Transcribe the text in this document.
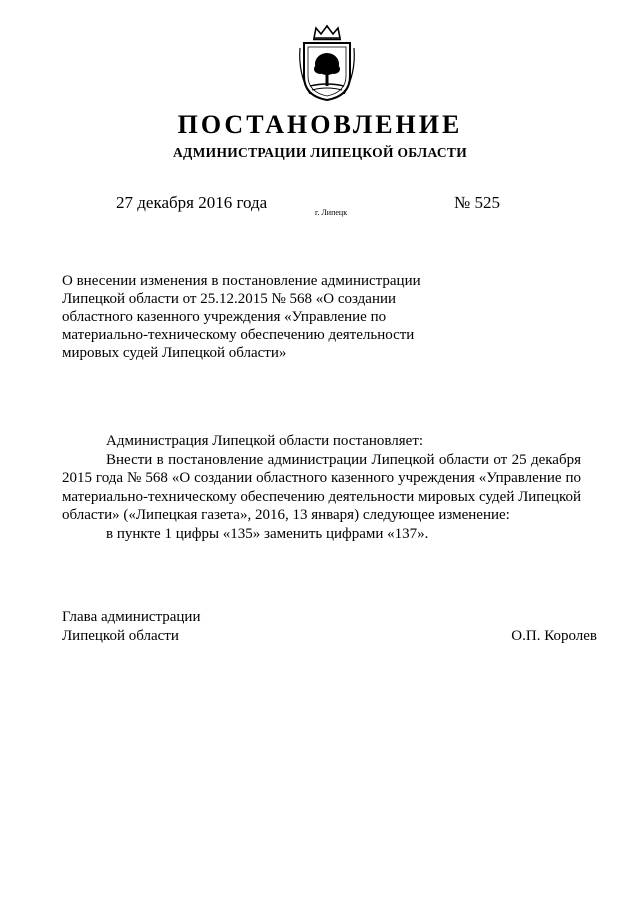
ПОСТАНОВЛЕНИЕ
АДМИНИСТРАЦИИ ЛИПЕЦКОЙ ОБЛАСТИ
27 декабря 2016 года
г. Липецк
№ 525
О внесении изменения в постановление администрации
Липецкой области от 25.12.2015 № 568 «О создании
областного казенного учреждения «Управление по
материально-техническому обеспечению деятельности
мировых судей Липецкой области»
Администрация Липецкой области постановляет:
Внести в постановление администрации Липецкой области от 25 декабря
2015 года № 568 «О создании областного казенного учреждения «Управление по
материально-техническому обеспечению деятельности мировых судей Липецкой
области» («Липецкая газета», 2016, 13 января) следующее изменение:
в пункте 1 цифры «135» заменить цифрами «137».
Глава администрации
Липецкой области	О.П. Королев
